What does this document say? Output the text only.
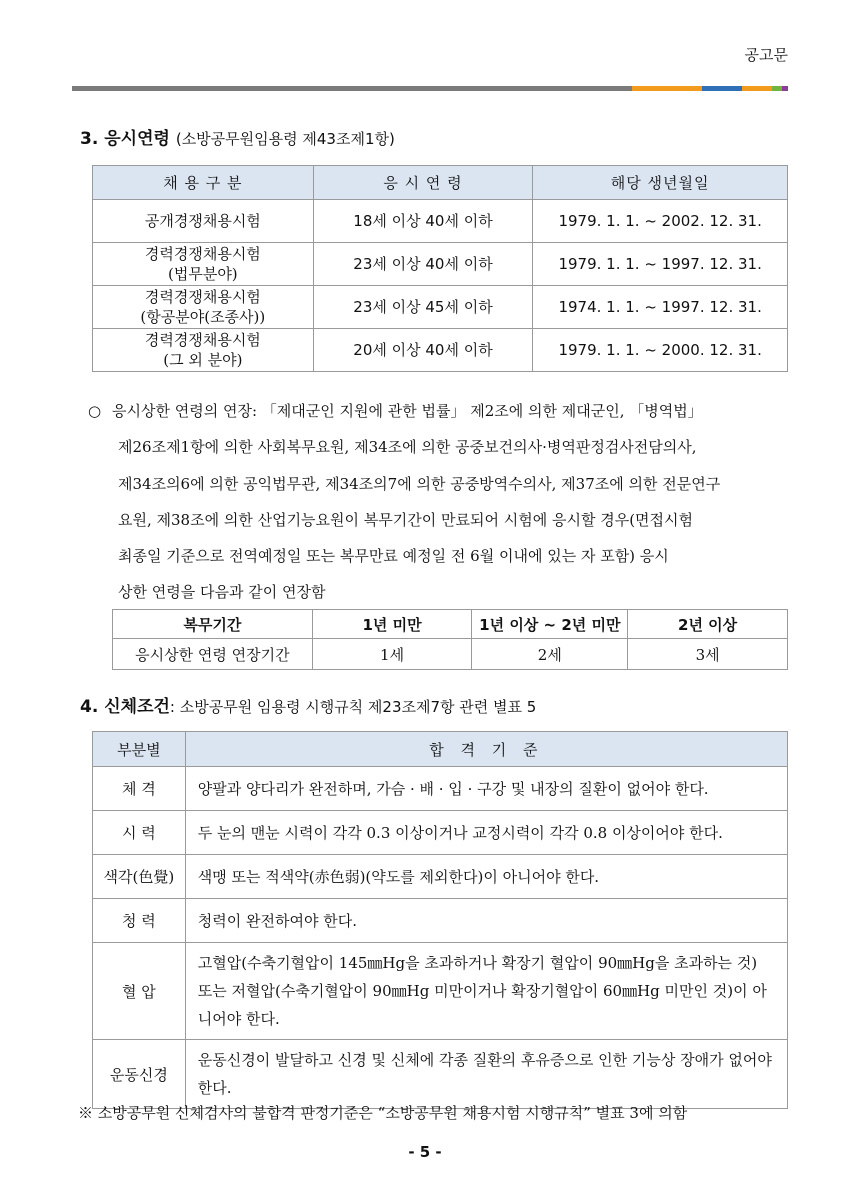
공고문
3. 응시연령 (소방공무원임용령 제43조제1항)
채 용 구 분	응 시 연 령	해당 생년월일

공개경쟁채용시험	18세 이상 40세 이하	1979. 1. 1. ~ 2002. 12. 31.

경력경쟁채용시험
(법무분야)	23세 이상 40세 이하	1979. 1. 1. ~ 1997. 12. 31.

경력경쟁채용시험
(항공분야(조종사))	23세 이상 45세 이하	1974. 1. 1. ~ 1997. 12. 31.

경력경쟁채용시험
(그 외 분야)	20세 이상 40세 이하	1979. 1. 1. ~ 2000. 12. 31.
○ 응시상한 연령의 연장: 「제대군인 지원에 관한 법률」 제2조에 의한 제대군인, 「병역법」
제26조제1항에 의한 사회복무요원, 제34조에 의한 공중보건의사·병역판정검사전담의사,
제34조의6에 의한 공익법무관, 제34조의7에 의한 공중방역수의사, 제37조에 의한 전문연구
요원, 제38조에 의한 산업기능요원이 복무기간이 만료되어 시험에 응시할 경우(면접시험
최종일 기준으로 전역예정일 또는 복무만료 예정일 전 6월 이내에 있는 자 포함) 응시
상한 연령을 다음과 같이 연장함
복무기간	1년 미만	1년 이상 ~ 2년 미만	2년 이상
응시상한 연령 연장기간	1세	2세	3세
4. 신체조건: 소방공무원 임용령 시행규칙 제23조제7항 관련 별표 5
부분별	합 격 기 준
체 격	양팔과 양다리가 완전하며, 가슴 · 배 · 입 · 구강 및 내장의 질환이 없어야 한다.
시 력	두 눈의 맨눈 시력이 각각 0.3 이상이거나 교정시력이 각각 0.8 이상이어야 한다.
색각(色覺)	색맹 또는 적색약(赤色弱)(약도를 제외한다)이 아니어야 한다.
청 력	청력이 완전하여야 한다.
혈 압	고혈압(수축기혈압이 145㎜Hg을 초과하거나 확장기 혈압이 90㎜Hg을 초과하는 것) 또는 저혈압(수축기혈압이 90㎜Hg 미만이거나 확장기혈압이 60㎜Hg 미만인 것)이 아니어야 한다.
운동신경	운동신경이 발달하고 신경 및 신체에 각종 질환의 후유증으로 인한 기능상 장애가 없어야 한다.
※ 소방공무원 신체검사의 불합격 판정기준은 “소방공무원 채용시험 시행규칙” 별표 3에 의함
- 5 -
